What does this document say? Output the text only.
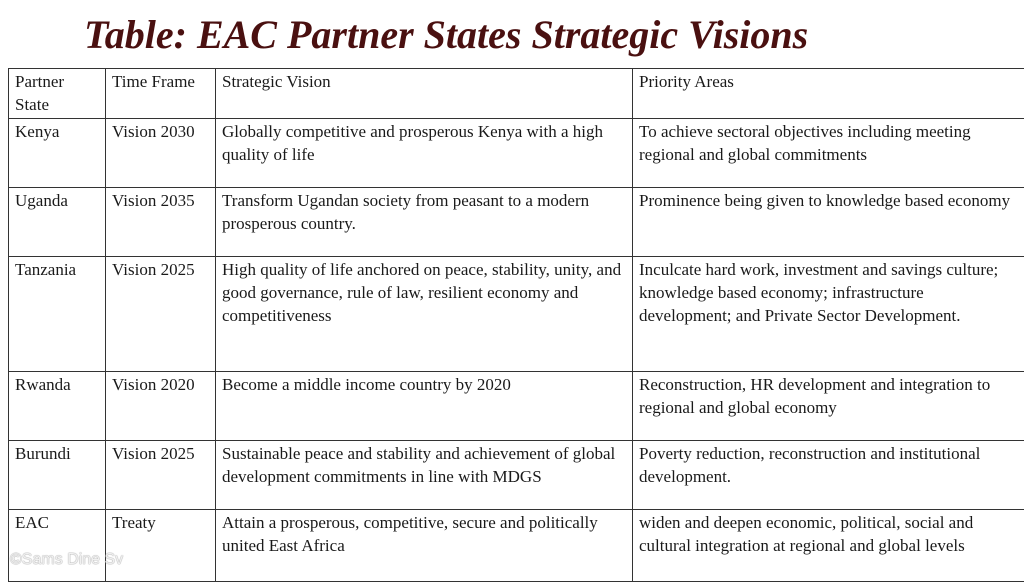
Table: EAC Partner States Strategic Visions
Partner State	Time Frame	Strategic Vision	Priority Areas
Kenya	Vision 2030	Globally competitive and prosperous Kenya with a high quality of life	To achieve sectoral objectives including meeting regional and global commitments
Uganda	Vision 2035	Transform Ugandan society from peasant to a modern prosperous country.	Prominence being given to knowledge based economy
Tanzania	Vision 2025	High quality of life anchored on peace, stability, unity, and good governance, rule of law, resilient economy and competitiveness	Inculcate hard work, investment and savings culture; knowledge based economy; infrastructure development; and Private Sector Development.
Rwanda	Vision 2020	Become a middle income country by 2020	Reconstruction, HR development and integration to regional and global economy
Burundi	Vision 2025	Sustainable peace and stability and achievement of global development commitments in line with MDGS	Poverty reduction, reconstruction and institutional development.
EAC	Treaty	Attain a prosperous, competitive, secure and politically united East Africa	widen and deepen economic, political, social and cultural integration at regional and global levels
©Sams Dine Sv
